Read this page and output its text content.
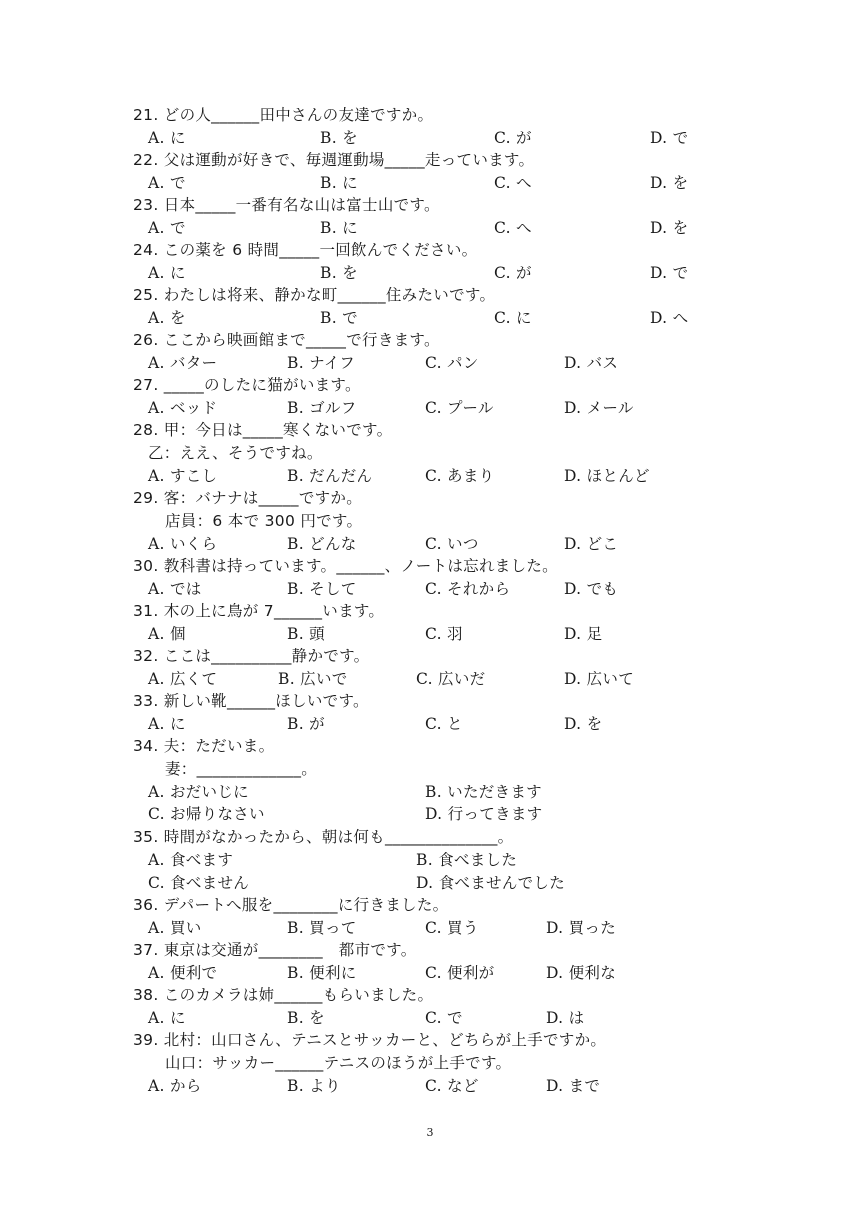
21. どの人______田中さんの友達ですか。
A. に	B. を	C. が	D. で
22. 父は運動が好きで、毎週運動場_____走っています。
A. で	B. に	C. へ	D. を
23. 日本_____一番有名な山は富士山です。
A. で	B. に	C. へ	D. を
24. この薬を 6 時間_____一回飲んでください。
A. に	B. を	C. が	D. で
25. わたしは将来、静かな町______住みたいです。
A. を	B. で	C. に	D. へ
26. ここから映画館まで_____で行きます。
A. バター	B. ナイフ	C. パン	D. バス
27. _____のしたに猫がいます。
A. ベッド	B. ゴルフ	C. プール	D. メール
28. 甲：今日は_____寒くないです。
乙：ええ、そうですね。
A. すこし	B. だんだん	C. あまり	D. ほとんど
29. 客：バナナは_____ですか。
店員：6 本で 300 円です。
A. いくら	B. どんな	C. いつ	D. どこ
30. 教科書は持っています。______、ノートは忘れました。
A. では	B. そして	C. それから	D. でも
31. 木の上に鳥が 7______います。
A. 個	B. 頭	C. 羽	D. 足
32. ここは__________静かです。
A. 広くて	B. 広いで	C. 広いだ	D. 広いて
33. 新しい靴______ほしいです。
A. に	B. が	C. と	D. を
34. 夫：ただいま。
妻：_____________。
A. おだいじに	B. いただきます
C. お帰りなさい	D. 行ってきます
35. 時間がなかったから、朝は何も______________。
A. 食べます	B. 食べました
C. 食べません	D. 食べませんでした
36. デパートへ服を________に行きました。
A. 買い	B. 買って	C. 買う	D. 買った
37. 東京は交通が________　都市です。
A. 便利で	B. 便利に	C. 便利が	D. 便利な
38. このカメラは姉______もらいました。
A. に	B. を	C. で	D. は
39. 北村：山口さん、テニスとサッカーと、どちらが上手ですか。
山口：サッカー______テニスのほうが上手です。
A. から	B. より	C. など	D. まで
3
